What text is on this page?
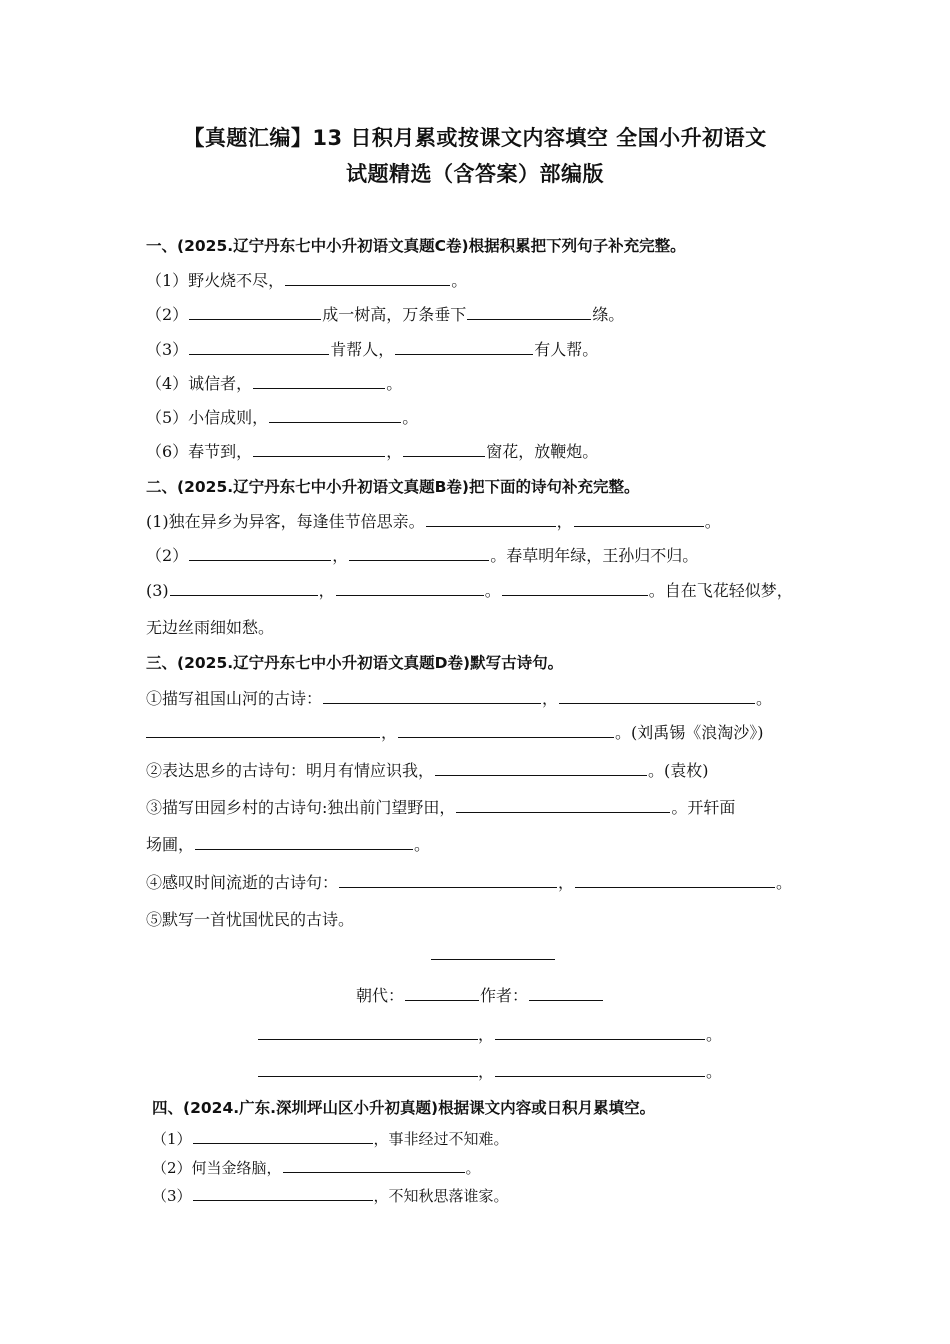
【真题汇编】13 日积月累或按课文内容填空 全国小升初语文
试题精选（含答案）部编版
一、(2025.辽宁丹东七中小升初语文真题C卷)根据积累把下列句子补充完整。
（1）野火烧不尽，	。
（2）	成一树高，万条垂下	绦。
（3）	肯帮人，	有人帮。
（4）诚信者，	。
（5）小信成则，	。
（6）春节到，	，	窗花，放鞭炮。
二、(2025.辽宁丹东七中小升初语文真题B卷)把下面的诗句补充完整。
(1)独在异乡为异客，每逢佳节倍思亲。	，	。
（2）	，	。春草明年绿，王孙归不归。
(3)	，	。	。自在飞花轻似梦，
无边丝雨细如愁。
三、(2025.辽宁丹东七中小升初语文真题D卷)默写古诗句。
①描写祖国山河的古诗：	，	。
，	。(刘禹锡《浪淘沙》)
②表达思乡的古诗句：明月有情应识我，	。(袁枚)
③描写田园乡村的古诗句:独出前门望野田，	。开轩面
场圃，	。
④感叹时间流逝的古诗句：	，	。
⑤默写一首忧国忧民的古诗。
朝代：	作者：
，	。
，	。
四、(2024.广东.深圳坪山区小升初真题)根据课文内容或日积月累填空。
（1）	，事非经过不知难。
（2）何当金络脑，	。
（3）	，不知秋思落谁家。
